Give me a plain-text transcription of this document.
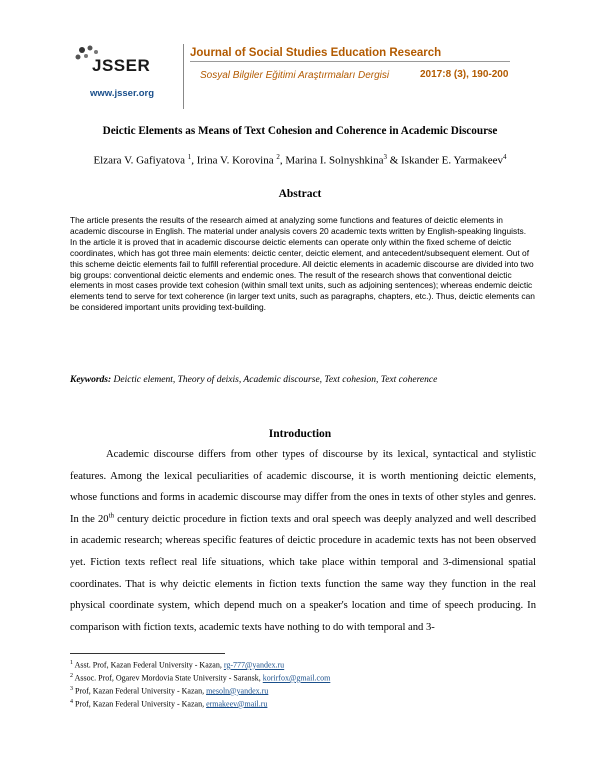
JSSER
www.jsser.org
Journal of Social Studies Education Research
Sosyal Bilgiler Eğitimi Araştırmaları Dergisi	2017:8 (3), 190-200
Deictic Elements as Means of Text Cohesion and Coherence in Academic Discourse
Elzara V. Gafiyatova $^1$, Irina V. Korovina $^2$, Marina I. Solnyshkina$^3$ & Iskander E. Yarmakeev$^4$
Abstract
The article presents the results of the research aimed at analyzing some functions and features of deictic elements in academic discourse in English. The material under analysis covers 20 academic texts written by English-speaking linguists. In the article it is proved that in academic discourse deictic elements can operate only within the fixed scheme of deictic coordinates, which has got three main elements: deictic center, deictic element, and antecedent/subsequent element. Out of this scheme deictic elements fail to fulfill referential procedure. All deictic elements in academic discourse are divided into two big groups: conventional deictic elements and endemic ones. The result of the research shows that conventional deictic elements in most cases provide text cohesion (within small text units, such as adjoining sentences); whereas endemic deictic elements tend to serve for text coherence (in larger text units, such as paragraphs, chapters, etc.). Thus, deictic elements can be considered important units providing text-building.
Keywords: Deictic element, Theory of deixis, Academic discourse, Text cohesion, Text coherence
Introduction
Academic discourse differs from other types of discourse by its lexical, syntactical and stylistic features. Among the lexical peculiarities of academic discourse, it is worth mentioning deictic elements, whose functions and forms in academic discourse may differ from the ones in texts of other styles and genres. In the 20th century deictic procedure in fiction texts and oral speech was deeply analyzed and well described in academic research; whereas specific features of deictic procedure in academic texts has not been observed yet. Fiction texts reflect real life situations, which take place within temporal and 3-dimensional spatial coordinates. That is why deictic elements in fiction texts function the same way they function in the real physical coordinate system, which depend much on a speaker's location and time of speech producing. In comparison with fiction texts, academic texts have nothing to do with temporal and 3-
$^1$ Asst. Prof, Kazan Federal University - Kazan, rg-777@yandex.ru
$^2$ Assoc. Prof, Ogarev Mordovia State University - Saransk, korirfox@gmail.com
$^3$ Prof, Kazan Federal University - Kazan, mesoln@yandex.ru
$^4$ Prof, Kazan Federal University - Kazan, ermakeev@mail.ru
